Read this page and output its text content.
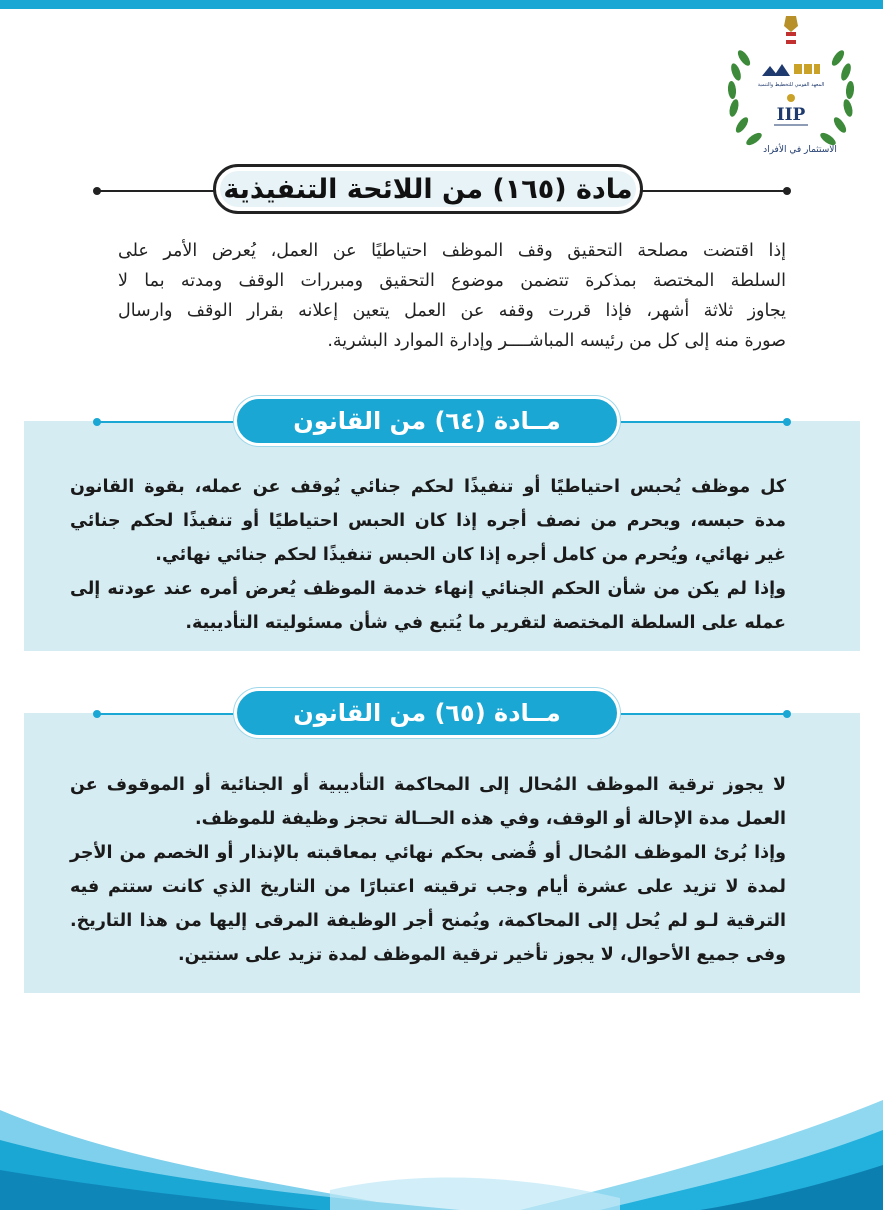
المعهد القومي للتخطيط والتنمية
IIP
الاستثمار في الأفراد
مادة (١٦٥) من اللائحة التنفيذية
إذا اقتضت مصلحة التحقيق وقف الموظف احتياطيًا عن العمل، يُعرض الأمر على
السلطة المختصة بمذكرة تتضمن موضوع التحقيق ومبررات الوقف ومدته بما لا
يجاوز ثلاثة أشهر، فإذا قررت وقفه عن العمل يتعين إعلانه بقرار الوقف وارسال
صورة منه إلى كل من رئيسه المباشــــر وإدارة الموارد البشرية.
مــادة (٦٤) من القانون
كل موظف يُحبس احتياطيًا أو تنفيذًا لحكم جنائي يُوقف عن عمله، بقوة القانون
مدة حبسه، ويحرم من نصف أجره إذا كان الحبس احتياطيًا أو تنفيذًا لحكم جنائي
غير نهائي، ويُحرم من كامل أجره إذا كان الحبس تنفيذًا لحكم جنائي نهائي.
وإذا لم يكن من شأن الحكم الجنائي إنهاء خدمة الموظف يُعرض أمره عند عودته إلى
عمله على السلطة المختصة لتقرير ما يُتبع في شأن مسئوليته التأديبية.
مــادة (٦٥) من القانون
لا يجوز ترقية الموظف المُحال إلى المحاكمة التأديبية أو الجنائية أو الموقوف عن
العمل مدة الإحالة أو الوقف، وفي هذه الحــالة تحجز وظيفة للموظف.
وإذا بُرئ الموظف المُحال أو قُضى بحكم نهائي بمعاقبته بالإنذار أو الخصم من الأجر
لمدة لا تزيد على عشرة أيام وجب ترقيته اعتبارًا من التاريخ الذي كانت ستتم فيه
الترقية لـو لم يُحل إلى المحاكمة، ويُمنح أجر الوظيفة المرقى إليها من هذا التاريخ.
وفى جميع الأحوال، لا يجوز تأخير ترقية الموظف لمدة تزيد على سنتين.
